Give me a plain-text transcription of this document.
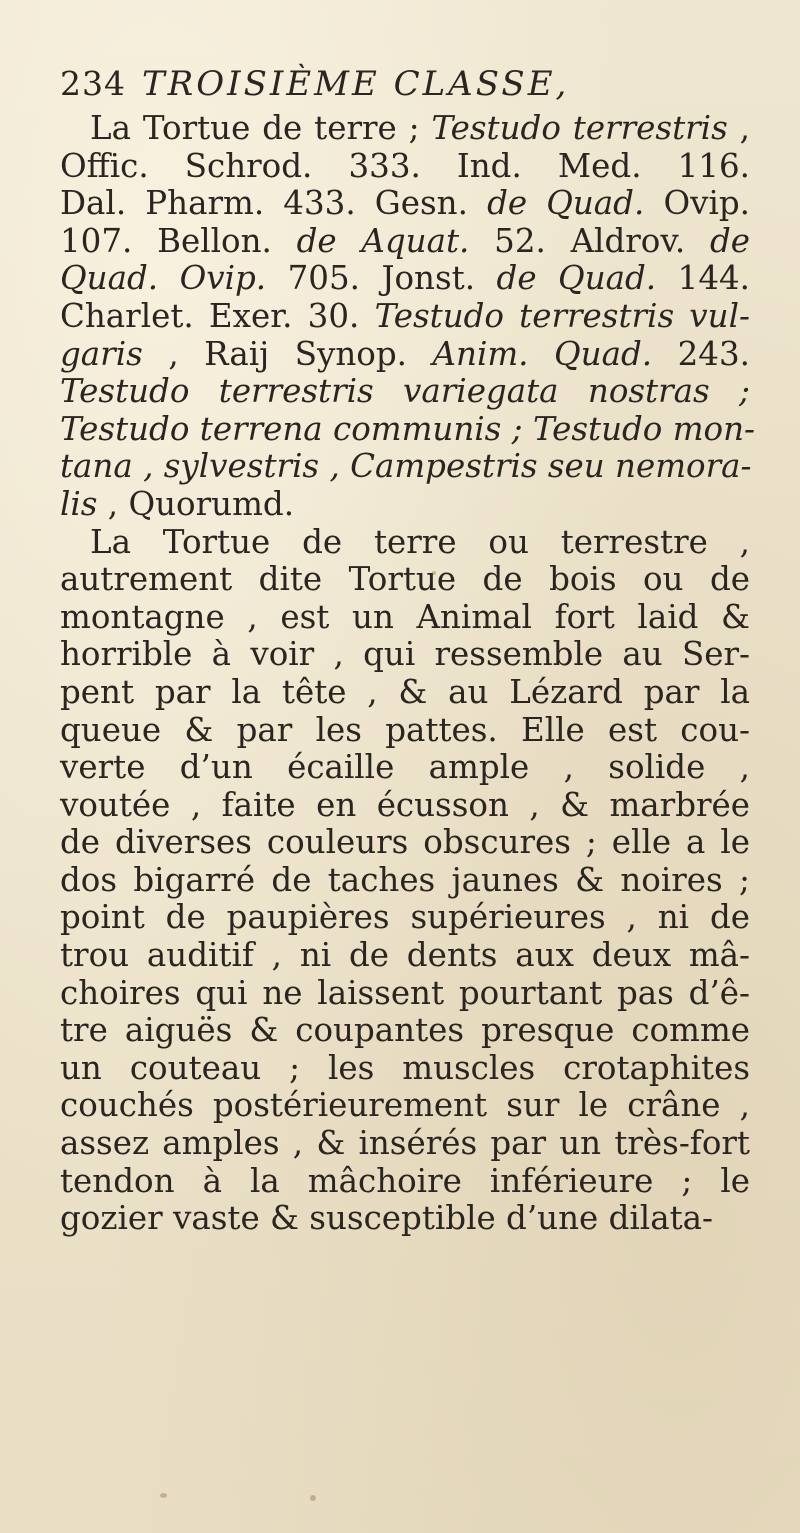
234 TROISIÈME CLASSE,
La Tortue de terre ; Testudo terrestris ,
Offic. Schrod. 333. Ind. Med. 116.
Dal. Pharm. 433. Gesn. de Quad. Ovip.
107. Bellon. de Aquat. 52. Aldrov. de
Quad. Ovip. 705. Jonst. de Quad. 144.
Charlet. Exer. 30. Testudo terrestris vul-
garis , Raij Synop. Anim. Quad. 243.
Testudo terrestris variegata nostras ;
Testudo terrena communis ; Testudo mon-
tana , sylvestris , Campestris seu nemora-
lis , Quorumd.
La Tortue de terre ou terrestre ,
autrement dite Tortue de bois ou de
montagne , est un Animal fort laid &
horrible à voir , qui ressemble au Ser-
pent par la tête , & au Lézard par la
queue & par les pattes. Elle est cou-
verte d’un écaille ample , solide ,
voutée , faite en écusson , & marbrée
de diverses couleurs obscures ; elle a le
dos bigarré de taches jaunes & noires ;
point de paupières supérieures , ni de
trou auditif , ni de dents aux deux mâ-
choires qui ne laissent pourtant pas d’ê-
tre aiguës & coupantes presque comme
un couteau ; les muscles crotaphites
couchés postérieurement sur le crâne ,
assez amples , & insérés par un très-fort
tendon à la mâchoire inférieure ; le
gozier vaste & susceptible d’une dilata-
